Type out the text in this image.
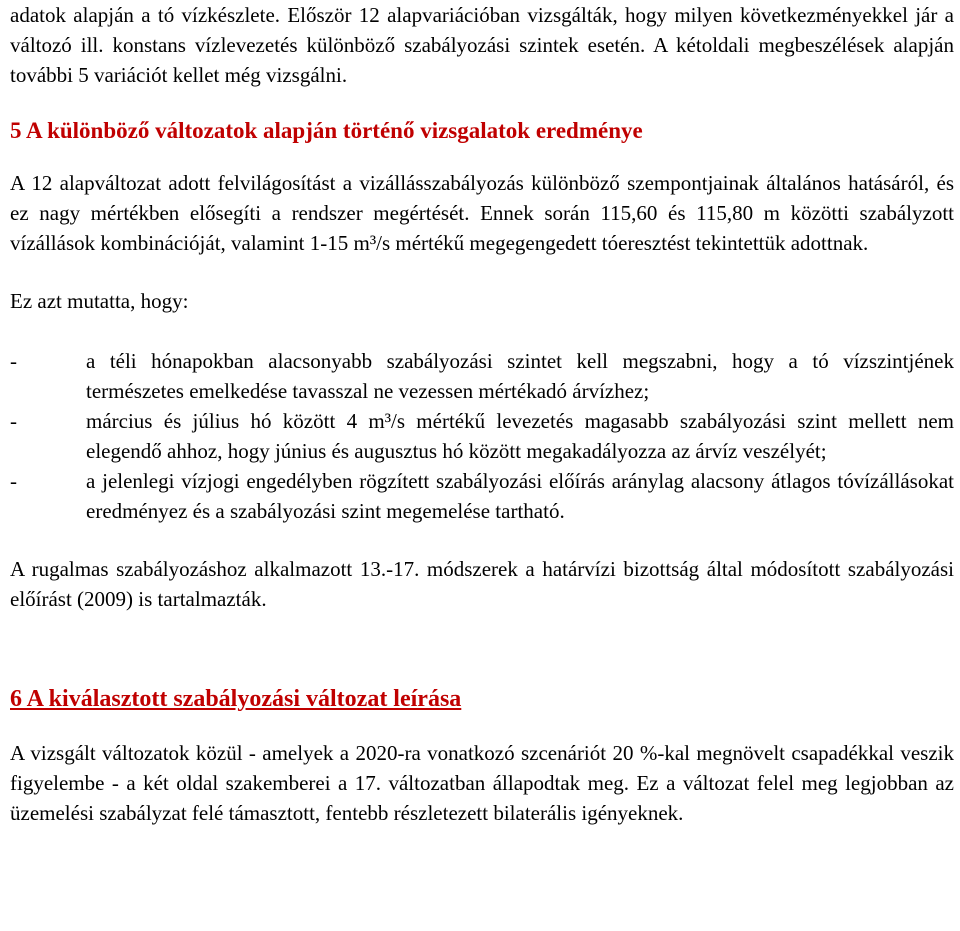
adatok alapján a tó vízkészlete. Először 12 alapvariációban vizsgálták, hogy milyen következményekkel jár a változó ill. konstans vízlevezetés különböző szabályozási szintek esetén. A kétoldali megbeszélések alapján további 5 variációt kellet még vizsgálni.

5 A különböző változatok alapján történő vizsgalatok eredménye

A 12 alapváltozat adott felvilágosítást a vizállásszabályozás különböző szempontjainak általános hatásáról, és ez nagy mértékben elősegíti a rendszer megértését. Ennek során 115,60 és 115,80 m közötti szabályzott vízállások kombinációját, valamint 1-15 m³/s mértékű megegengedett tóeresztést tekintettük adottnak.

Ez azt mutatta, hogy:

-	a téli hónapokban alacsonyabb szabályozási szintet kell megszabni, hogy a tó vízszintjének természetes emelkedése tavasszal ne vezessen mértékadó árvízhez;
-	március és július hó között 4 m³/s mértékű levezetés magasabb szabályozási szint mellett nem elegendő ahhoz, hogy június és augusztus hó között megakadályozza az árvíz veszélyét;
-	a jelenlegi vízjogi engedélyben rögzített szabályozási előírás aránylag alacsony átlagos tóvízállásokat eredményez és a szabályozási szint megemelése tartható.

A rugalmas szabályozáshoz alkalmazott 13.-17. módszerek a határvízi bizottság által módosított szabályozási előírást (2009) is tartalmazták.

6 A kiválasztott szabályozási változat leírása

A vizsgált változatok közül - amelyek a 2020-ra vonatkozó szcenáriót 20 %-kal megnövelt csapadékkal veszik figyelembe - a két oldal szakemberei a 17. változatban állapodtak meg. Ez a változat felel meg legjobban az üzemelési szabályzat felé támasztott, fentebb részletezett bilaterális igényeknek.
